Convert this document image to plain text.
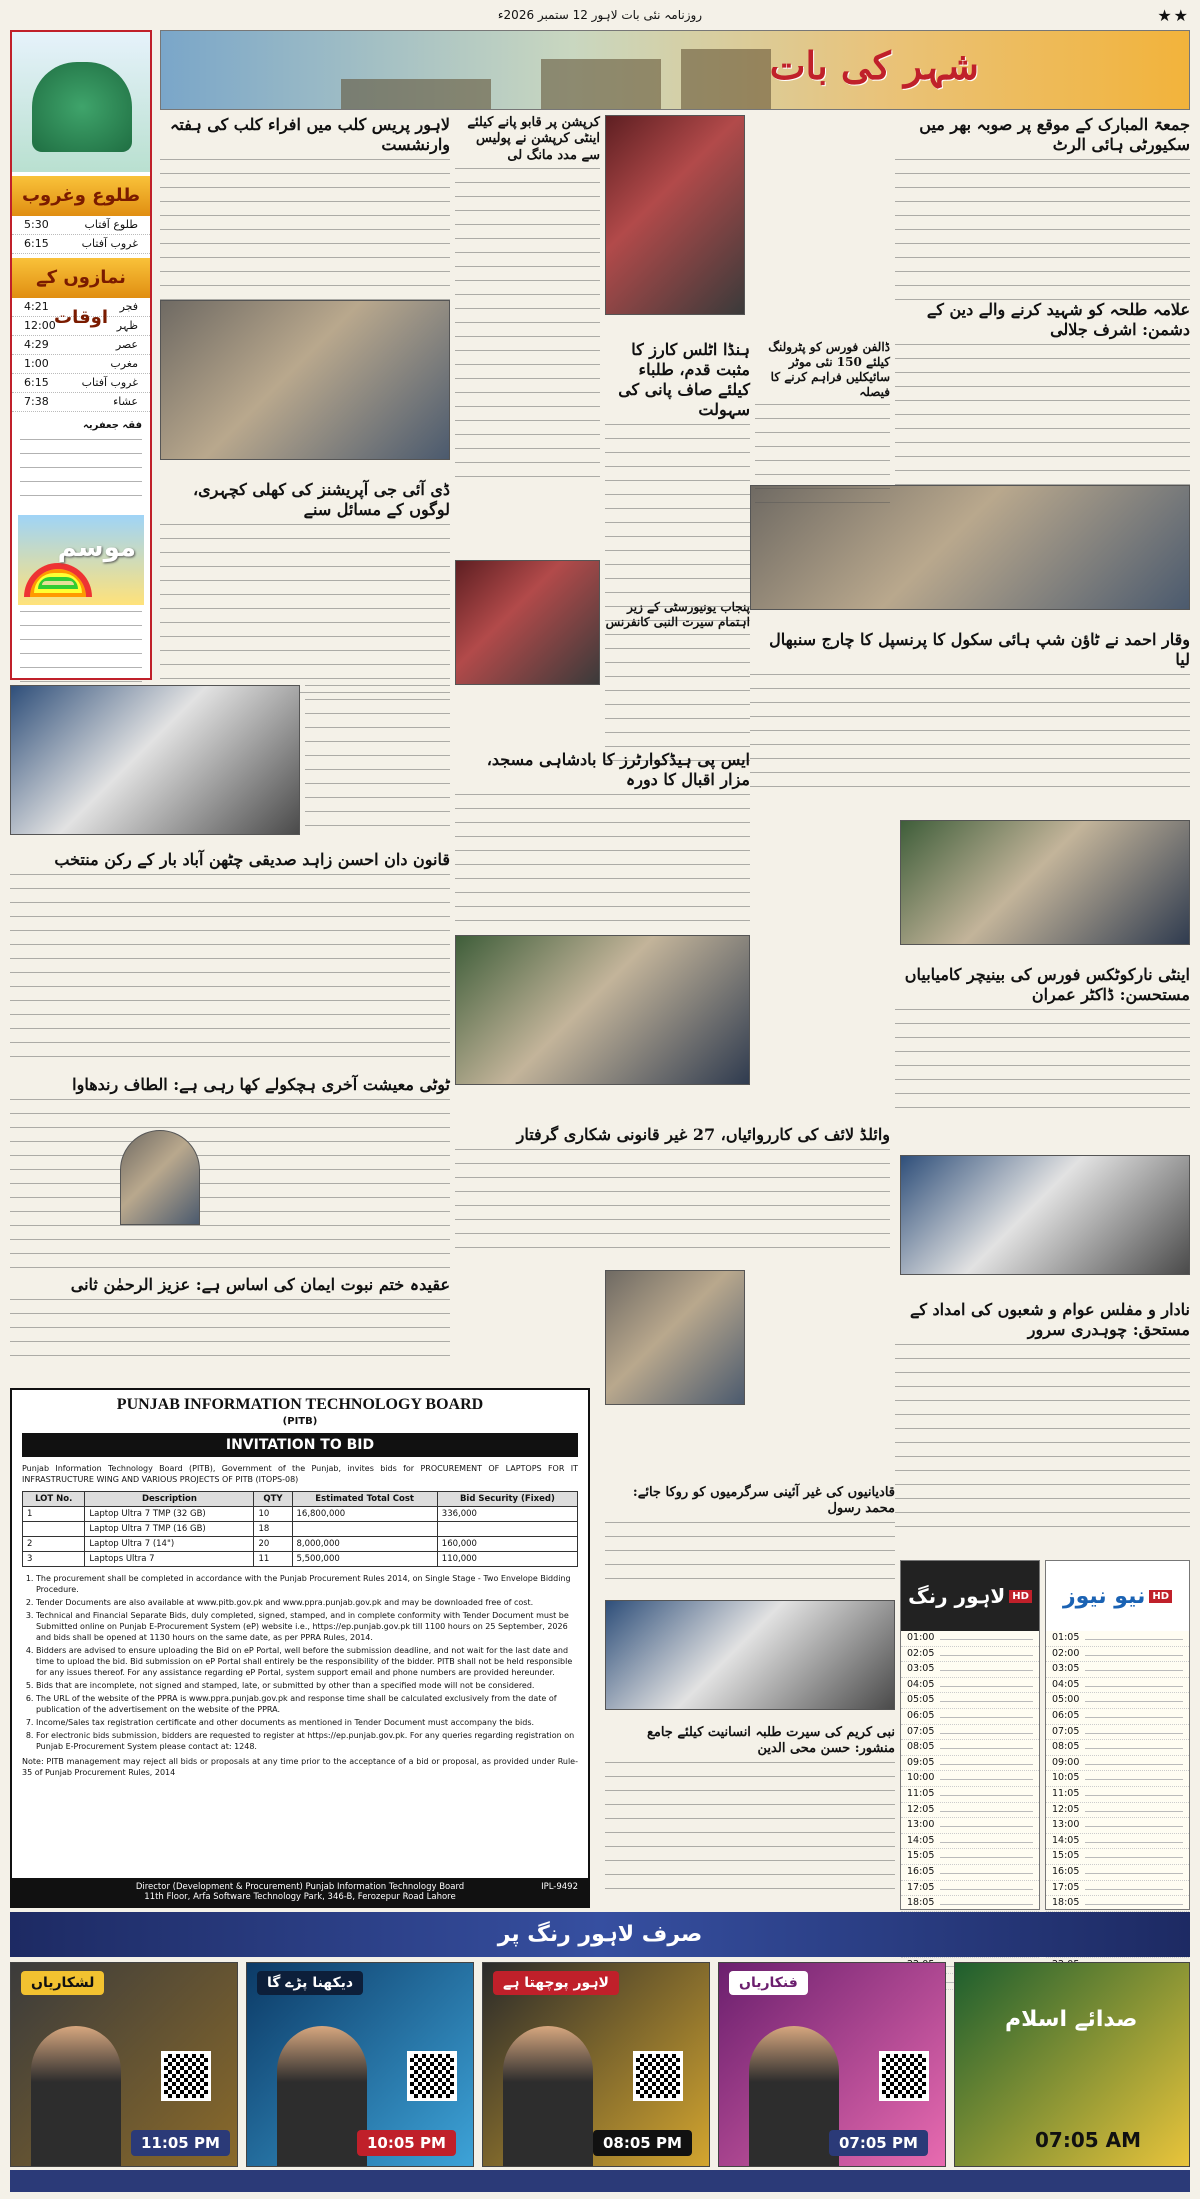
روزنامہ نئی بات لاہور 12 ستمبر 2026ء	★★
شہر کی بات
طلوع وغروب
طلوع آفتاب
5:30
غروب آفتاب
6:15
نمازوں کے اوقات
فجر
4:21
ظہر
12:00
عصر
4:29
مغرب
1:00
غروب آفتاب
6:15
عشاء
7:38
فقہ جعفریہ
موسم
جمعۃ المبارک کے موقع پر صوبہ بھر میں سکیورٹی ہائی الرٹ
علامہ طلحہ کو شہید کرنے والے دین کے دشمن: اشرف جلالی
وقار احمد نے ٹاؤن شپ ہائی سکول کا پرنسپل کا چارج سنبھال لیا
اینٹی نارکوٹکس فورس کی بینیچر کامیابیاں مستحسن: ڈاکٹر عمران
نادار و مفلس عوام و شعبوں کی امداد کے مستحق: چوہدری سرور
ڈالفن فورس کو پٹرولنگ کیلئے 150 نئی موٹر سائیکلیں فراہم کرنے کا فیصلہ
ہنڈا اٹلس کارز کا مثبت قدم، طلباء کیلئے صاف پانی کی سہولت
پنجاب یونیورسٹی کے زیر اہتمام سیرت النبی کانفرنس
ایس پی ہیڈکوارٹرز کا بادشاہی مسجد، مزار اقبال کا دورہ
وائلڈ لائف کی کارروائیاں، 27 غیر قانونی شکاری گرفتار
قادیانیوں کی غیر آئینی سرگرمیوں کو روکا جائے: محمد رسول
نبی کریم کی سیرت طلبہ انسانیت کیلئے جامع منشور: حسن محی الدین
کرپشن پر قابو پانے کیلئے اینٹی کرپشن نے پولیس سے مدد مانگ لی
لاہور پریس کلب میں افراء کلب کی ہفتہ وارنشست
ڈی آئی جی آپریشنز کی کھلی کچہری، لوگوں کے مسائل سنے
قانون دان احسن زاہد صدیقی چٹھن آباد بار کے رکن منتخب
ٹوٹی معیشت آخری ہچکولے کھا رہی ہے: الطاف رندھاوا
عقیدہ ختم نبوت ایمان کی اساس ہے: عزیز الرحمٰن ثانی
PUNJAB INFORMATION TECHNOLOGY BOARD
(PITB)
INVITATION TO BID

Punjab Information Technology Board (PITB), Government of the Punjab, invites bids for PROCUREMENT OF LAPTOPS FOR IT INFRASTRUCTURE WING AND VARIOUS PROJECTS OF PITB (ITOPS-08)

LOT No.	Description	QTY	Estimated Total Cost	Bid Security (Fixed)
1	Laptop Ultra 7 TMP (32 GB)	10	16,800,000	336,000
	Laptop Ultra 7 TMP (16 GB)	18		
2	Laptop Ultra 7 (14")	20	8,000,000	160,000
3	Laptops Ultra 7	11	5,500,000	110,000
1. The procurement shall be completed in accordance with the Punjab Procurement Rules 2014, on Single Stage - Two Envelope Bidding Procedure.
2. Tender Documents are also available at www.pitb.gov.pk and www.ppra.punjab.gov.pk and may be downloaded free of cost.
3. Technical and Financial Separate Bids, duly completed, signed, stamped, and in complete conformity with Tender Document must be Submitted online on Punjab E-Procurement System (eP) website i.e., https://ep.punjab.gov.pk till 1100 hours on 25 September, 2026 and bids shall be opened at 1130 hours on the same date, as per PPRA Rules, 2014.
4. Bidders are advised to ensure uploading the Bid on eP Portal, well before the submission deadline, and not wait for the last date and time to upload the bid. Bid submission on eP Portal shall entirely be the responsibility of the bidder. PITB shall not be held responsible for any issues thereof. For any assistance regarding eP Portal, system support email and phone numbers are provided hereunder.
5. Bids that are incomplete, not signed and stamped, late, or submitted by other than a specified mode will not be considered.
6. The URL of the website of the PPRA is www.ppra.punjab.gov.pk and response time shall be calculated exclusively from the date of publication of the advertisement on the website of the PPRA.
7. Income/Sales tax registration certificate and other documents as mentioned in Tender Document must accompany the bids.
8. For electronic bids submission, bidders are requested to register at https://ep.punjab.gov.pk. For any queries regarding registration on Punjab E-Procurement System please contact at: 1248.

Note: PITB management may reject all bids or proposals at any time prior to the acceptance of a bid or proposal, as provided under Rule-35 of Punjab Procurement Rules, 2014

Director (Development & Procurement) Punjab Information Technology Board
11th Floor, Arfa Software Technology Park, 346-B, Ferozepur Road Lahore
IPL-9492
لاہور رنگ HD
01:00
02:05
03:05
04:05
05:05
06:05
07:05
08:05
09:05
10:00
11:05
12:05
13:00
14:05
15:05
16:05
17:05
18:05
نیو نیوز HD
01:05
02:00
03:05
04:05
05:00
06:05
07:05
08:05
09:00
10:05
11:05
12:05
13:00
14:05
15:05
16:05
17:05
18:05
صرف لاہور رنگ پر
لشکاریاں
11:05 PM
دیکھنا پڑے گا
10:05 PM
لاہور پوچھتا ہے
08:05 PM
فنکاریاں
07:05 PM
صدائے اسلام
07:05 AM
